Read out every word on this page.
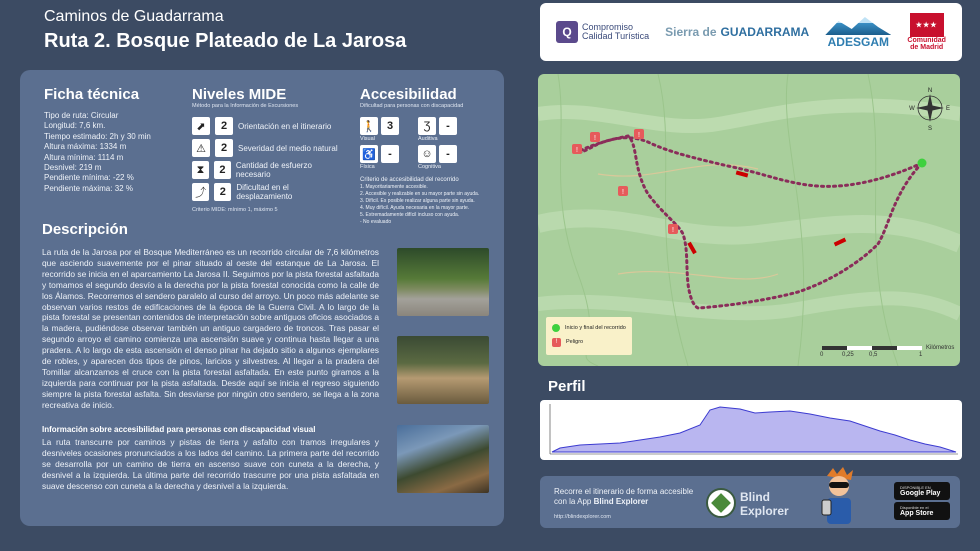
Caminos de Guadarrama
Ruta 2. Bosque Plateado de La Jarosa	Q	Compromiso
Calidad Turística Sierra de GUADARRAMA
ADESGAM
★★★
Comunidad
de Madrid
Ficha técnica
Tipo de ruta: Circular
Longitud: 7,6 km.
Tiempo estimado: 2h y 30 min
Altura máxima: 1334 m
Altura mínima: 1114 m
Desnivel: 219 m
Pendiente mínima: -22 %
Pendiente máxima: 32 %
Niveles MIDE
Método para la Información de Excursiones
⬈	2	Orientación en el itinerario
⚠	2	Severidad del medio natural
⧗	2	Cantidad de esfuerzo necesario
⤴	2	Dificultad en el desplazamiento
Criterio MIDE: mínimo 1, máximo 5
Accesibilidad
Dificultad para personas con discapacidad
🚶	3
Visual
Ʒ	-
Auditiva
♿	-
Física
☺	-
Cognitiva
Criterio de accesibilidad del recorrido
1. Mayoritariamente accesible.
2. Accesible y realizable en su mayor parte sin ayuda.
3. Difícil. Es posible realizar alguna parte sin ayuda.
4. Muy difícil. Ayuda necesaria en la mayor parte.
5. Extremadamente difícil incluso con ayuda.
- No evaluado
Descripción
La ruta de la Jarosa por el Bosque Mediterráneo es un recorrido circular de 7,6 kilómetros que asciendo suavemente por el pinar situado al oeste del estanque de La Jarosa. El recorrido se inicia en el aparcamiento La Jarosa II. Seguimos por la pista forestal asfaltada y tomamos el segundo desvío a la derecha por la pista forestal conocida como la calle de los Álamos. Recorremos el sendero paralelo al curso del arroyo. Un poco más adelante se observan varios restos de edificaciones de la época de la Guerra Civil. A lo largo de la pista forestal se presentan contenidos de interpretación sobre antiguos oficios asociados a la madera, pudiéndose observar también un antiguo cargadero de troncos. Tras pasar el segundo arroyo el camino comienza una ascensión suave y continua hasta llegar a una pradera. A lo largo de esta ascensión el denso pinar ha dejado sitio a algunos ejemplares de robles, y aparecen dos tipos de pinos, laricios y silvestres. Al llegar a la pradera del Tomillar alcanzamos el cruce con la pista forestal asfaltada. En este punto giramos a la izquierda para continuar por la pista asfaltada. Desde aquí se inicia el regreso siguiendo siempre la pista forestal asfalta. Sin desviarse por ningún otro sendero, se llega a la zona recreativa de inicio.
Información sobre accesibilidad para personas con discapacidad visual
La ruta transcurre por caminos y pistas de tierra y asfalto con tramos irregulares y desniveles ocasiones pronunciados a los lados del camino. La primera parte del recorrido se desarrolla por un camino de tierra en ascenso suave con cuneta a la derecha, y desnivel a la izquierda. La última parte del recorrido trascurre por una pista asfaltada en suave descenso con cuneta a la derecha y desnivel a la izquierda.
!	!
!
!
!
N
S
W	E
Inicio y final del recorrido
!	Peligro
0	0,25	0,5	1
Kilómetros
Perfil
Recorre el itinerario de forma accesible con la App Blind Explorer
http://blindexplorer.com
Blind
Explorer
DISPONIBLE EN
Google Play
Disponible en el
App Store
